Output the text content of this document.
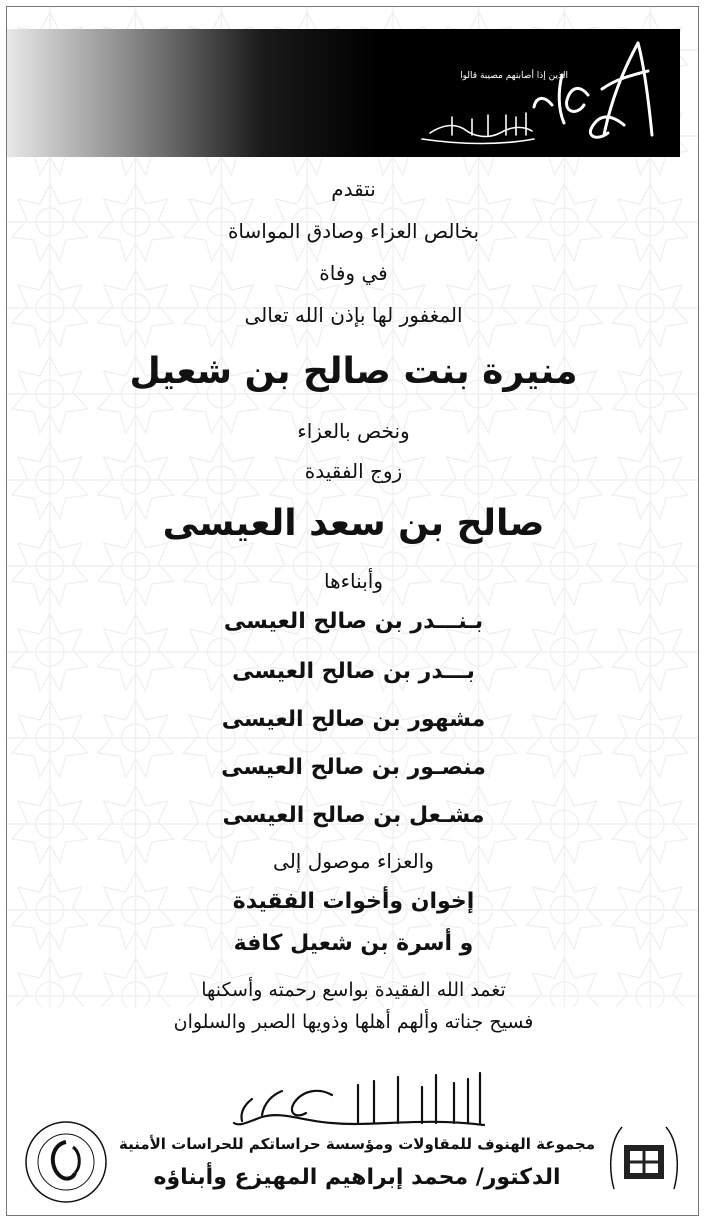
الذين إذا أصابتهم مصيبة قالوا
نتقدم
بخالص العزاء وصادق المواساة
في وفاة
المغفور لها بإذن الله تعالى
منيرة بنت صالح بن شعيل
ونخص بالعزاء
زوج الفقيدة
صالح بن سعد العيسى
وأبناءها
بـنـــدر بن صالح العيسى
بـــدر بن صالح العيسى
مشهور بن صالح العيسى
منصـور بن صالح العيسى
مشـعل بن صالح العيسى
والعزاء موصول إلى
إخوان وأخوات الفقيدة
و أسرة بن شعيل كافة
تغمد الله الفقيدة بواسع رحمته وأسكنها
فسيح جناته وألهم أهلها وذويها الصبر والسلوان
مجموعة الهنوف للمقاولات ومؤسسة حراساتكم للحراسات الأمنية
الدكتور/ محمد إبراهيم المهيزع وأبناؤه
